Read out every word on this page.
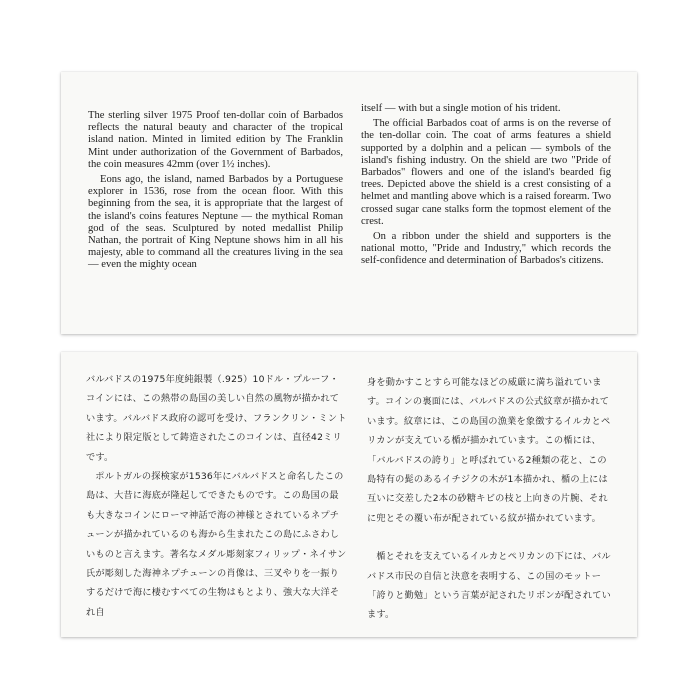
The sterling silver 1975 Proof ten-dollar coin of Barbados reflects the natural beauty and character of the tropical island nation. Minted in limited edition by The Franklin Mint under authorization of the Government of Barbados, the coin measures 42mm (over 1½ inches).

Eons ago, the island, named Barbados by a Portuguese explorer in 1536, rose from the ocean floor. With this beginning from the sea, it is appropriate that the largest of the island's coins features Neptune — the mythical Roman god of the seas. Sculptured by noted medallist Philip Nathan, the portrait of King Neptune shows him in all his majesty, able to command all the creatures living in the sea — even the mighty ocean

itself — with but a single motion of his trident.

The official Barbados coat of arms is on the reverse of the ten-dollar coin. The coat of arms features a shield supported by a dolphin and a pelican — symbols of the island's fishing industry. On the shield are two "Pride of Barbados" flowers and one of the island's bearded fig trees. Depicted above the shield is a crest consisting of a helmet and mantling above which is a raised forearm. Two crossed sugar cane stalks form the topmost element of the crest.

On a ribbon under the shield and supporters is the national motto, "Pride and Industry," which records the self-confidence and determination of Barbados's citizens.

バルバドスの1975年度純銀製（.925）10ドル・プルーフ・コインには、この熱帯の島国の美しい自然の風物が描かれています。バルバドス政府の認可を受け、フランクリン・ミント社により限定版として鋳造されたこのコインは、直径42ミリです。

ポルトガルの探検家が1536年にバルバドスと命名したこの島は、大昔に海底が隆起してできたものです。この島国の最も大きなコインにローマ神話で海の神様とされているネプチューンが描かれているのも海から生まれたこの島にふさわしいものと言えます。著名なメダル彫刻家フィリップ・ネイサン氏が彫刻した海神ネプチューンの肖像は、三叉やりを一振りするだけで海に棲むすべての生物はもとより、強大な大洋それ自

身を動かすことすら可能なほどの威厳に満ち溢れています。コインの裏面には、バルバドスの公式紋章が描かれています。紋章には、この島国の漁業を象徴するイルカとペリカンが支えている楯が描かれています。この楯には、「バルバドスの誇り」と呼ばれている2種類の花と、この島特有の髭のあるイチジクの木が1本描かれ、楯の上には互いに交差した2本の砂糖キビの枝と上向きの片腕、それに兜とその覆い布が配されている紋が描かれています。

楯とそれを支えているイルカとペリカンの下には、バルバドス市民の自信と決意を表明する、この国のモットー「誇りと勤勉」という言葉が記されたリボンが配されています。
